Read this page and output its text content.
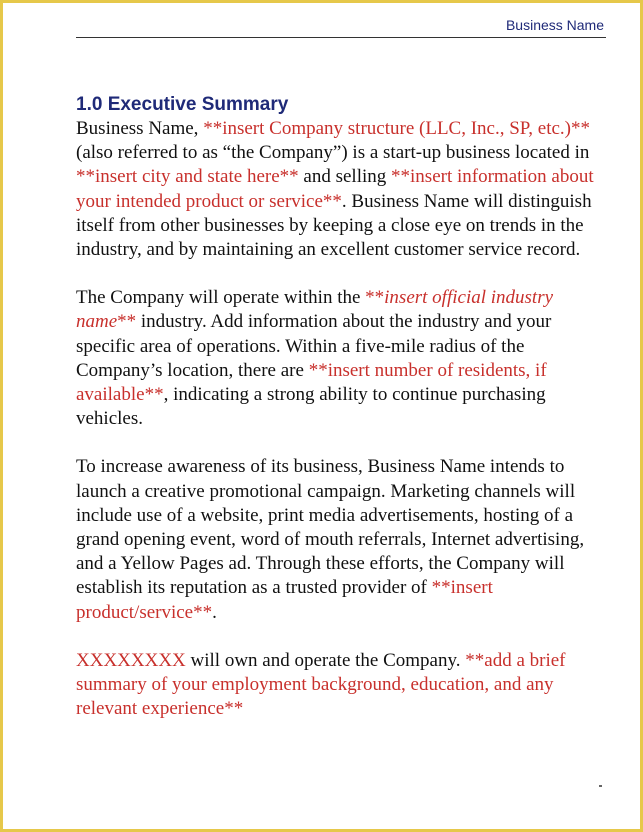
Business Name
1.0 Executive Summary

Business Name, **insert Company structure (LLC, Inc., SP, etc.)** (also referred to as “the Company”) is a start-up business located in **insert city and state here** and selling **insert information about your intended product or service**. Business Name will distinguish itself from other businesses by keeping a close eye on trends in the industry, and by maintaining an excellent customer service record.

The Company will operate within the **insert official industry name** industry. Add information about the industry and your specific area of operations. Within a five-mile radius of the Company’s location, there are **insert number of residents, if available**, indicating a strong ability to continue purchasing vehicles.

To increase awareness of its business, Business Name intends to launch a creative promotional campaign. Marketing channels will include use of a website, print media advertisements, hosting of a grand opening event, word of mouth referrals, Internet advertising, and a Yellow Pages ad. Through these efforts, the Company will establish its reputation as a trusted provider of **insert product/service**.

XXXXXXXX will own and operate the Company. **add a brief summary of your employment background, education, and any relevant experience**
